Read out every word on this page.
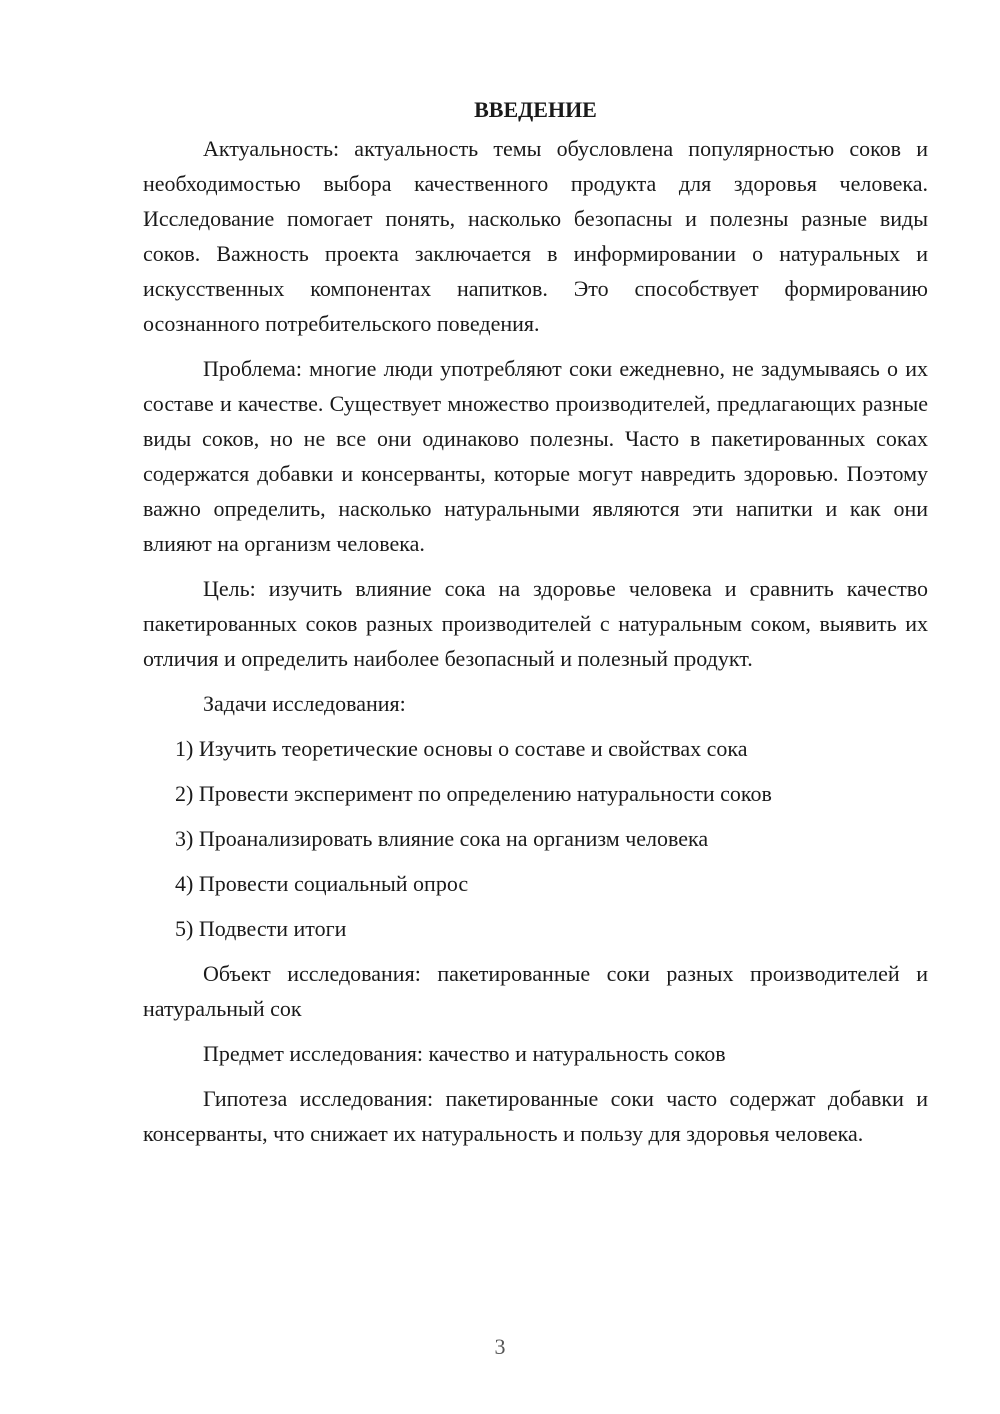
ВВЕДЕНИЕ

Актуальность: актуальность темы обусловлена популярностью соков и необходимостью выбора качественного продукта для здоровья человека. Исследование помогает понять, насколько безопасны и полезны разные виды соков. Важность проекта заключается в информировании о натуральных и искусственных компонентах напитков. Это способствует формированию осознанного потребительского поведения.

Проблема: многие люди употребляют соки ежедневно, не задумываясь о их составе и качестве. Существует множество производителей, предлагающих разные виды соков, но не все они одинаково полезны. Часто в пакетированных соках содержатся добавки и консерванты, которые могут навредить здоровью. Поэтому важно определить, насколько натуральными являются эти напитки и как они влияют на организм человека.

Цель: изучить влияние сока на здоровье человека и сравнить качество пакетированных соков разных производителей с натуральным соком, выявить их отличия и определить наиболее безопасный и полезный продукт.

Задачи исследования:

1) Изучить теоретические основы о составе и свойствах сока
2) Провести эксперимент по определению натуральности соков
3) Проанализировать влияние сока на организм человека
4) Провести социальный опрос
5) Подвести итоги

Объект исследования: пакетированные соки разных производителей и натуральный сок

Предмет исследования: качество и натуральность соков

Гипотеза исследования: пакетированные соки часто содержат добавки и консерванты, что снижает их натуральность и пользу для здоровья человека.

3
